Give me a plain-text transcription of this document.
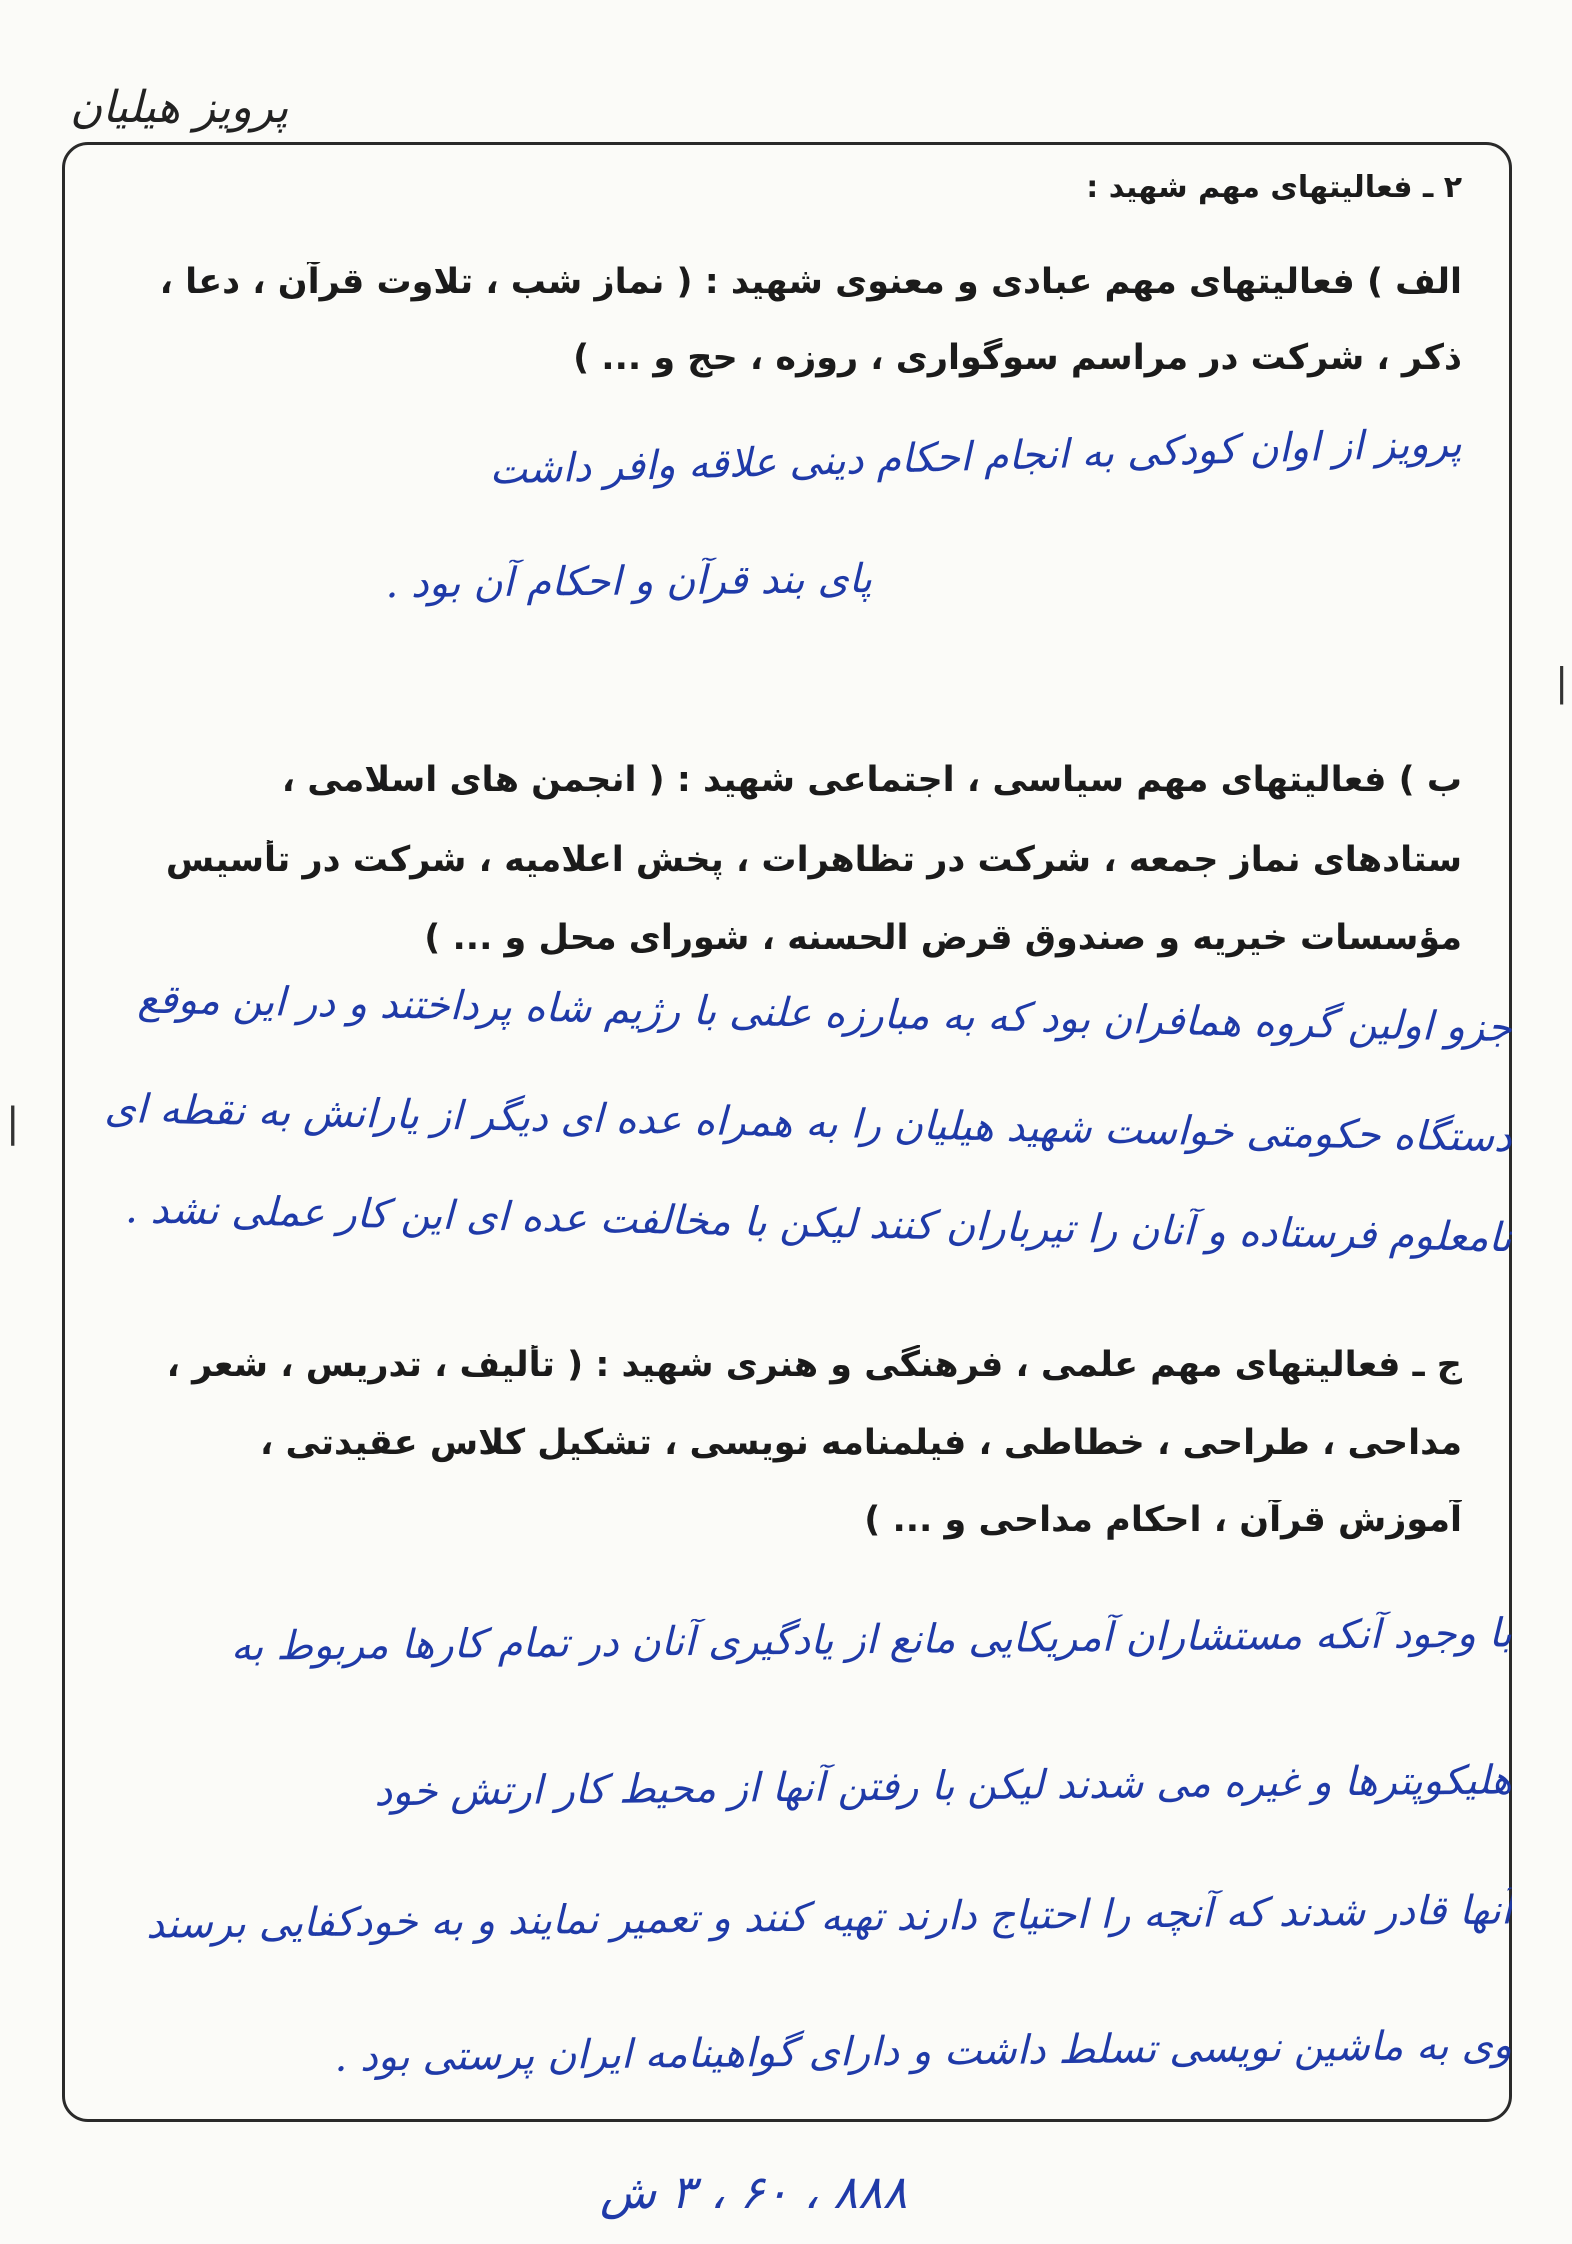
|
|
پرویز هیلیان
۲ ـ فعالیتهای مهم شهید :
الف ) فعالیتهای مهم عبادی و معنوی شهید : ( نماز شب ، تلاوت قرآن ، دعا ،
ذکر ، شرکت در مراسم سوگواری ، روزه ، حج و ... )
پرویز از اوان کودکی به انجام احکام دینی علاقه وافر داشت
پای بند قرآن و احکام آن بود .
ب ) فعالیتهای مهم سیاسی ، اجتماعی شهید : ( انجمن های اسلامی ،
ستادهای نماز جمعه ، شرکت در تظاهرات ، پخش اعلامیه ، شرکت در تأسیس
مؤسسات خیریه و صندوق قرض الحسنه ، شورای محل و ... )
جزو اولین گروه همافران بود که به مبارزه علنی با رژیم شاه پرداختند و در این موقع
دستگاه حکومتی خواست شهید هیلیان را به همراه عده ای دیگر از یارانش به نقطه ای
نامعلوم فرستاده و آنان را تیرباران کنند لیکن با مخالفت عده ای این کار عملی نشد .
ج ـ فعالیتهای مهم علمی ، فرهنگی و هنری شهید : ( تألیف ، تدریس ، شعر ،
مداحی ، طراحی ، خطاطی ، فیلمنامه نویسی ، تشکیل کلاس عقیدتی ،
آموزش قرآن ، احکام مداحی و ... )
با وجود آنکه مستشاران آمریکایی مانع از یادگیری آنان در تمام کارها مربوط به
هلیکوپترها و غیره می شدند لیکن با رفتن آنها از محیط کار ارتش خود
آنها قادر شدند که آنچه را احتیاج دارند تهیه کنند و تعمیر نمایند و به خودکفایی برسند
وی به ماشین نویسی تسلط داشت و دارای گواهینامه ایران پرستی بود .
۸۸۸ ، ۶۰ ، ۳ ش
